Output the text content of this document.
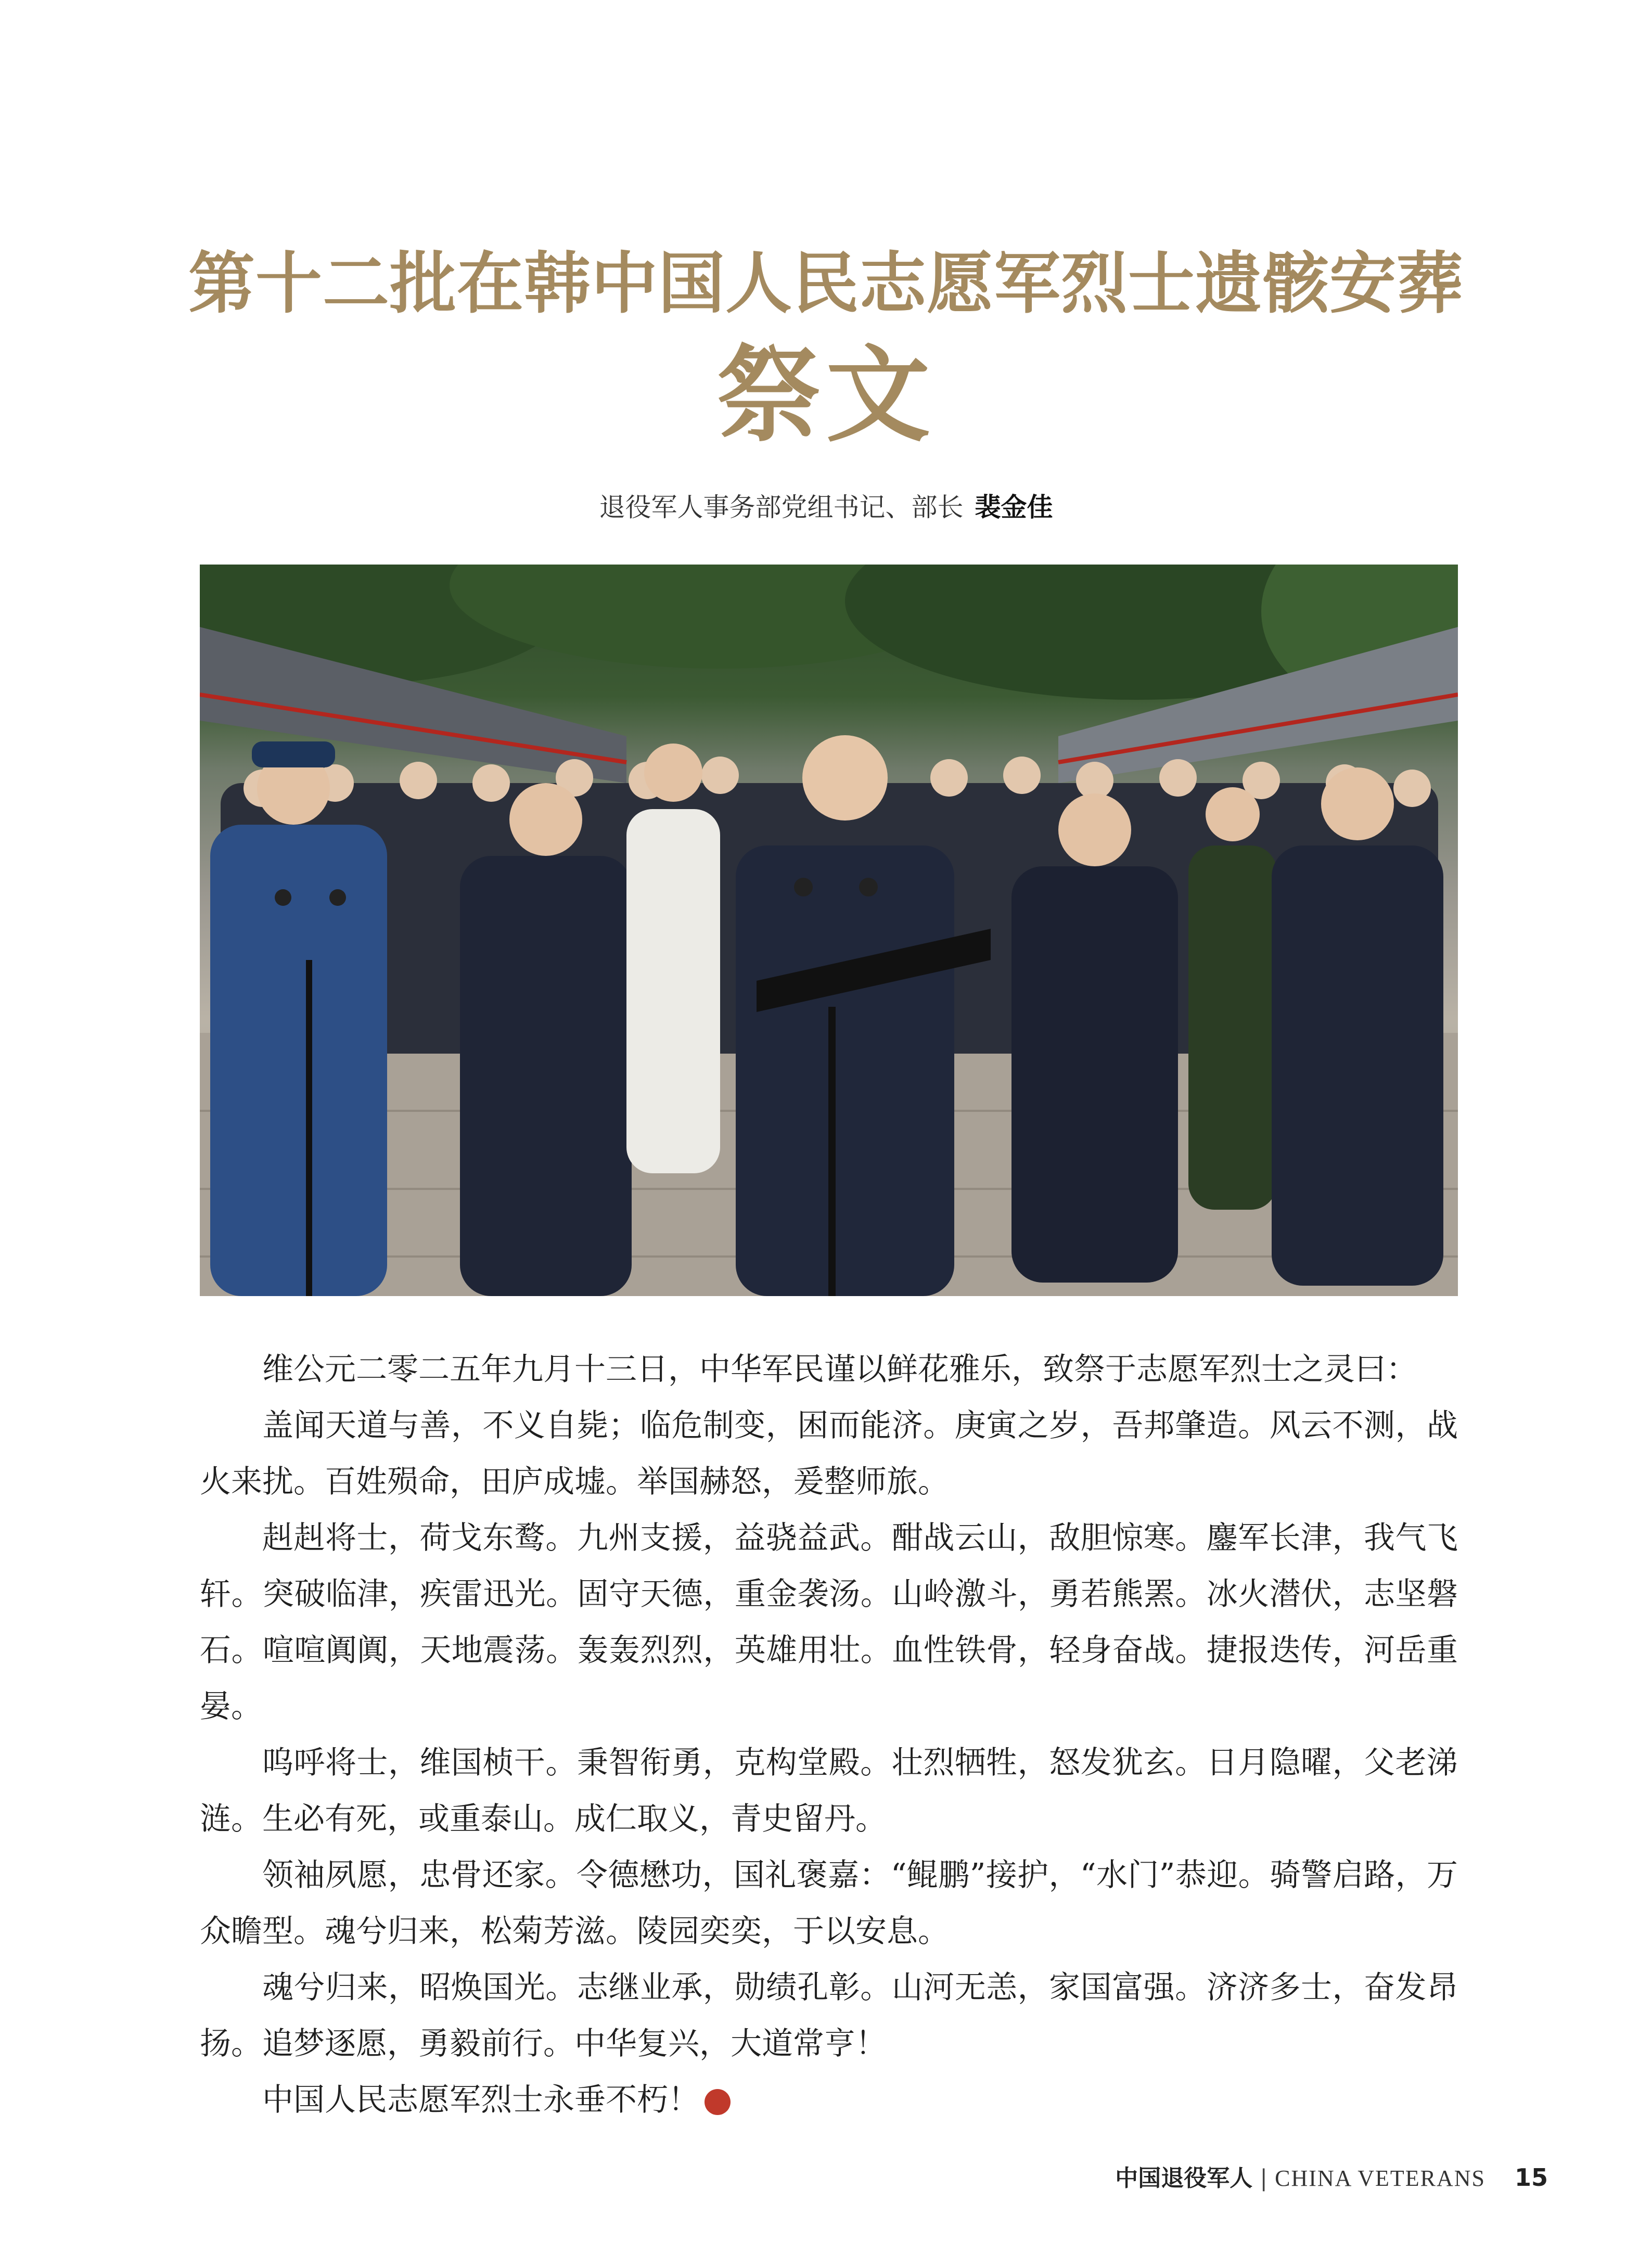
第十二批在韩中国人民志愿军烈士遗骸安葬
祭文
退役军人事务部党组书记、部长 裴金佳

维公元二零二五年九月十三日，中华军民谨以鲜花雅乐，致祭于志愿军烈士之灵曰：

盖闻天道与善，不义自毙；临危制变，困而能济。庚寅之岁，吾邦肇造。风云不测，战火来扰。百姓殒命，田庐成墟。举国赫怒，爰整师旅。

赳赳将士，荷戈东鹜。九州支援，益骁益武。酣战云山，敌胆惊寒。鏖军长津，我气飞轩。突破临津，疾雷迅光。固守天德，重金袭汤。山岭激斗，勇若熊罴。冰火潜伏，志坚磐石。喧喧阗阗，天地震荡。轰轰烈烈，英雄用壮。血性铁骨，轻身奋战。捷报迭传，河岳重晏。

呜呼将士，维国桢干。秉智衔勇，克构堂殿。壮烈牺牲，怒发犹玄。日月隐曜，父老涕涟。生必有死，或重泰山。成仁取义，青史留丹。

领袖夙愿，忠骨还家。令德懋功，国礼褒嘉：“鲲鹏”接护，“水门”恭迎。骑警启路，万众瞻型。魂兮归来，松菊芳滋。陵园奕奕，于以安息。

魂兮归来，昭焕国光。志继业承，勋绩孔彰。山河无恙，家国富强。济济多士，奋发昂扬。追梦逐愿，勇毅前行。中华复兴，大道常亨！

中国人民志愿军烈士永垂不朽！	V

中国退役军人 | CHINA VETERANS 15
